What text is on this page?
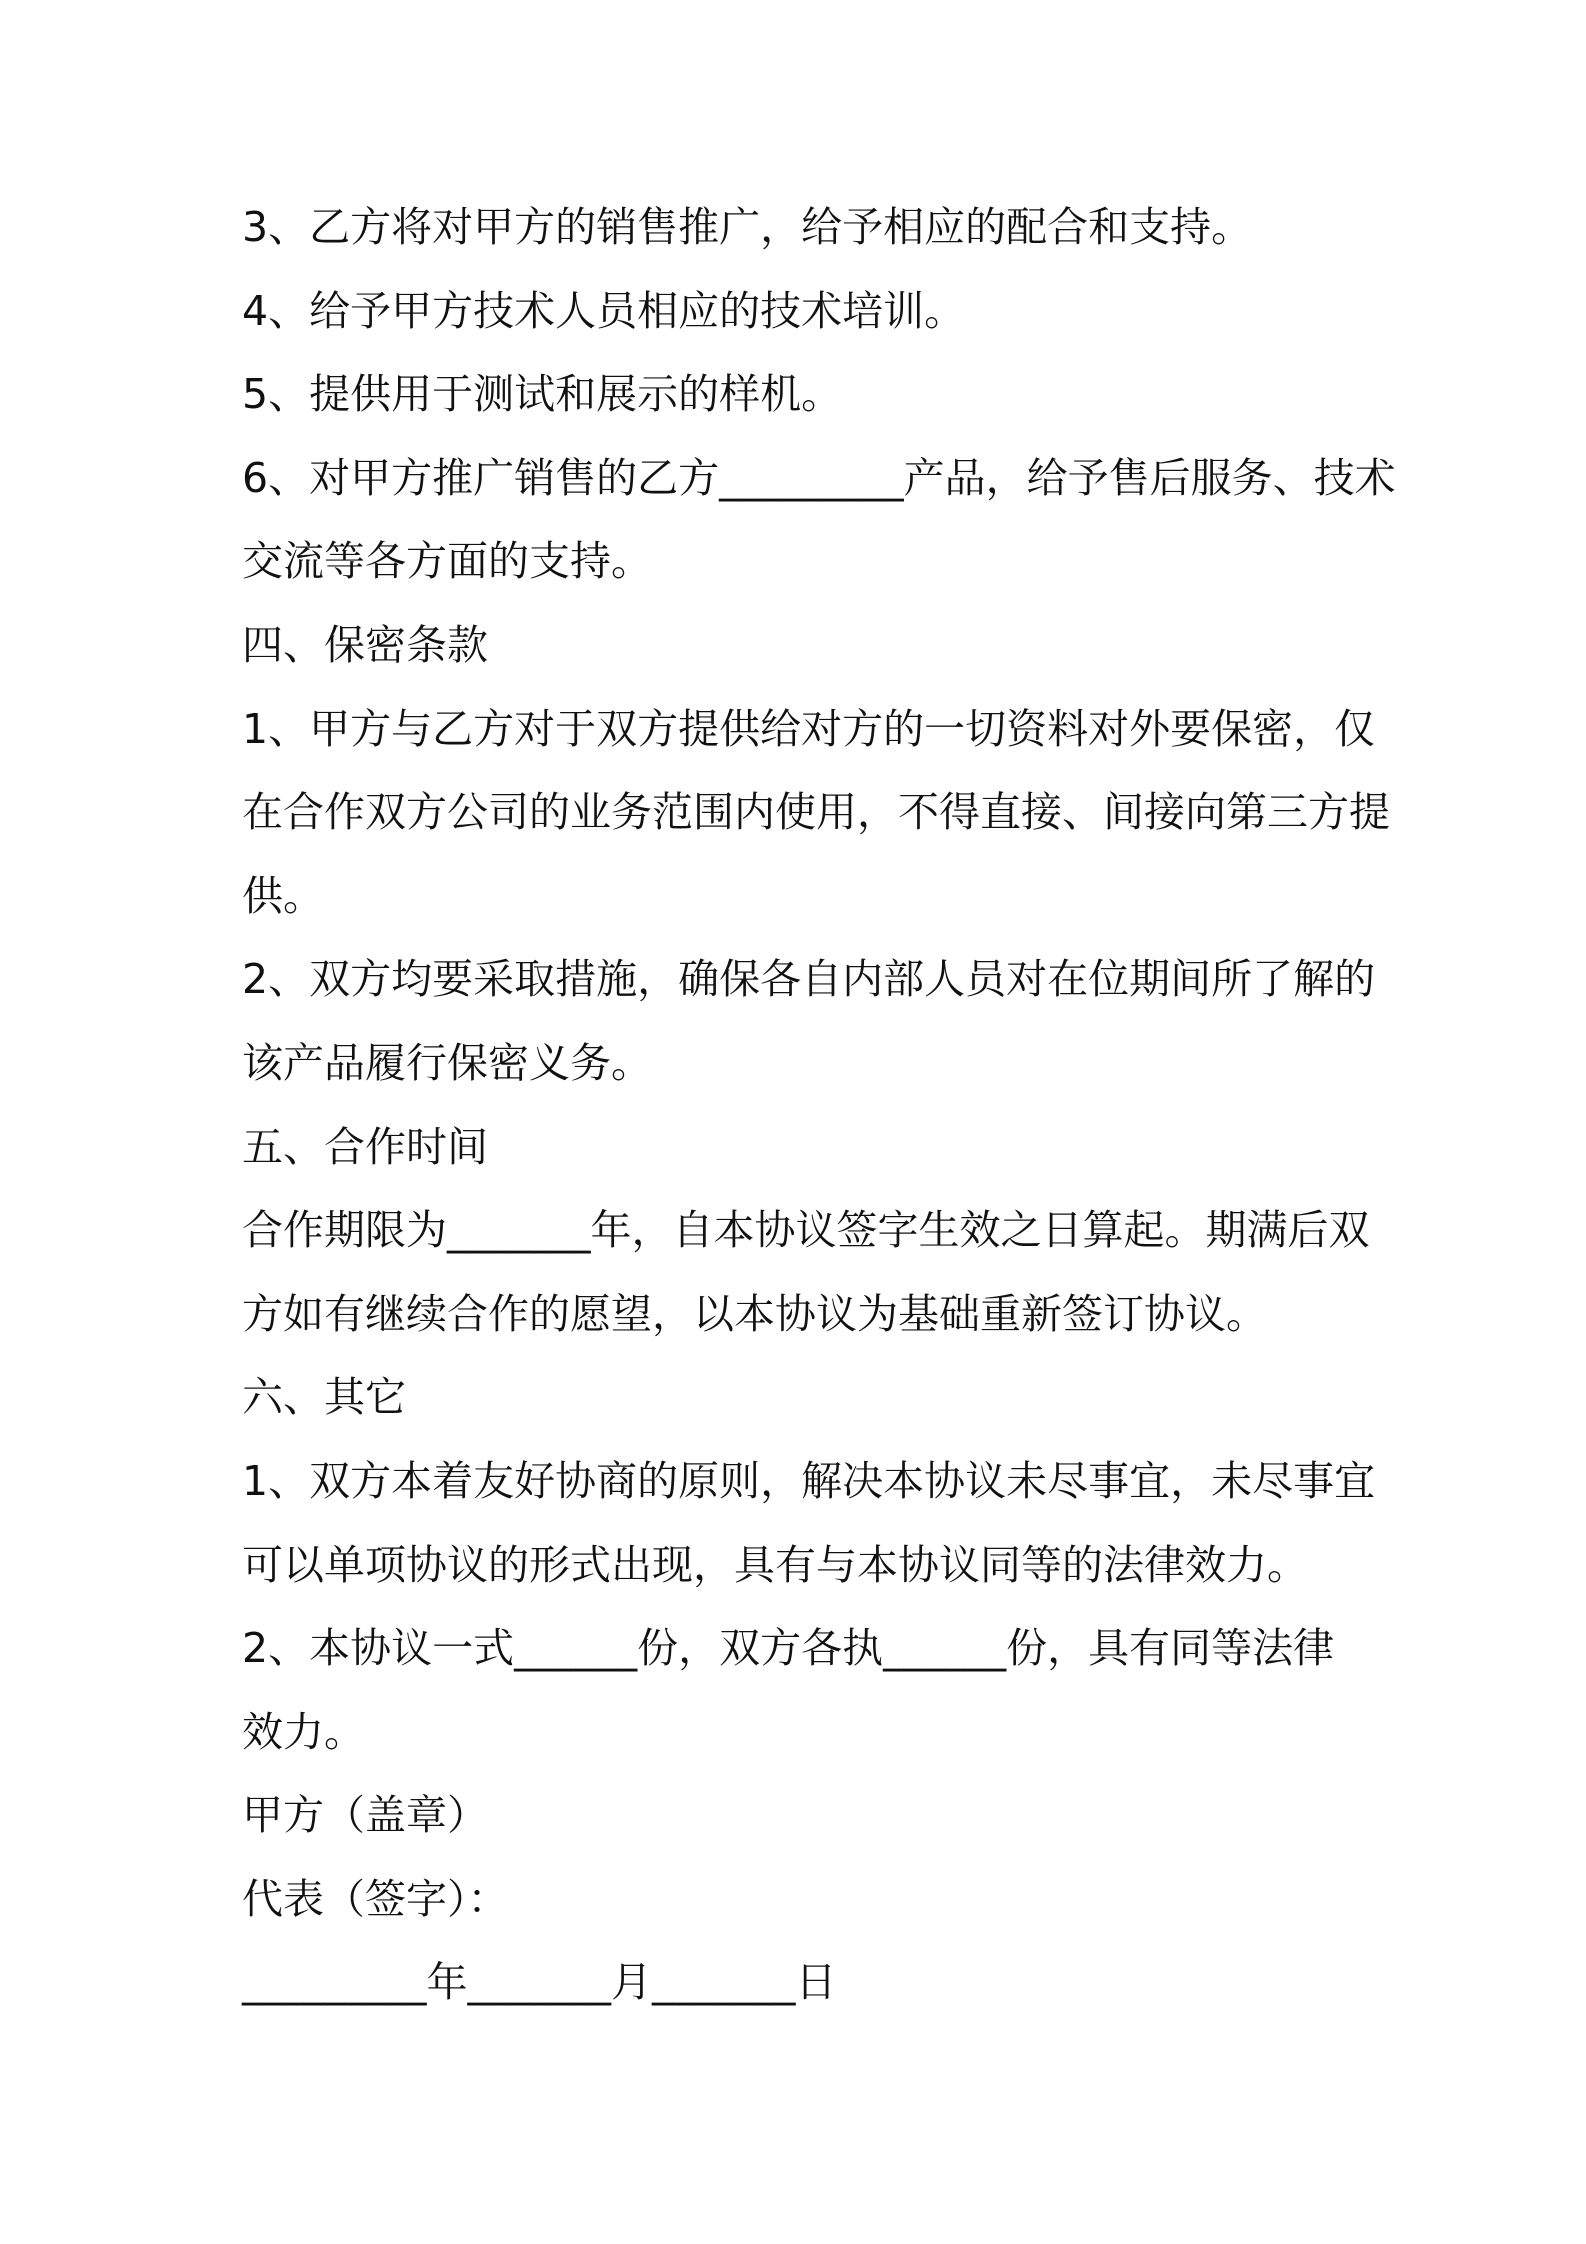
3、乙方将对甲方的销售推广，给予相应的配合和支持。
4、给予甲方技术人员相应的技术培训。
5、提供用于测试和展示的样机。
6、对甲方推广销售的乙方_________产品，给予售后服务、技术
交流等各方面的支持。
四、保密条款
1、甲方与乙方对于双方提供给对方的一切资料对外要保密，仅
在合作双方公司的业务范围内使用，不得直接、间接向第三方提
供。
2、双方均要采取措施，确保各自内部人员对在位期间所了解的
该产品履行保密义务。
五、合作时间
合作期限为_______年，自本协议签字生效之日算起。期满后双
方如有继续合作的愿望，以本协议为基础重新签订协议。
六、其它
1、双方本着友好协商的原则，解决本协议未尽事宜，未尽事宜
可以单项协议的形式出现，具有与本协议同等的法律效力。
2、本协议一式______份，双方各执______份，具有同等法律
效力。
甲方（盖章）
代表（签字）：
_________年_______月_______日
